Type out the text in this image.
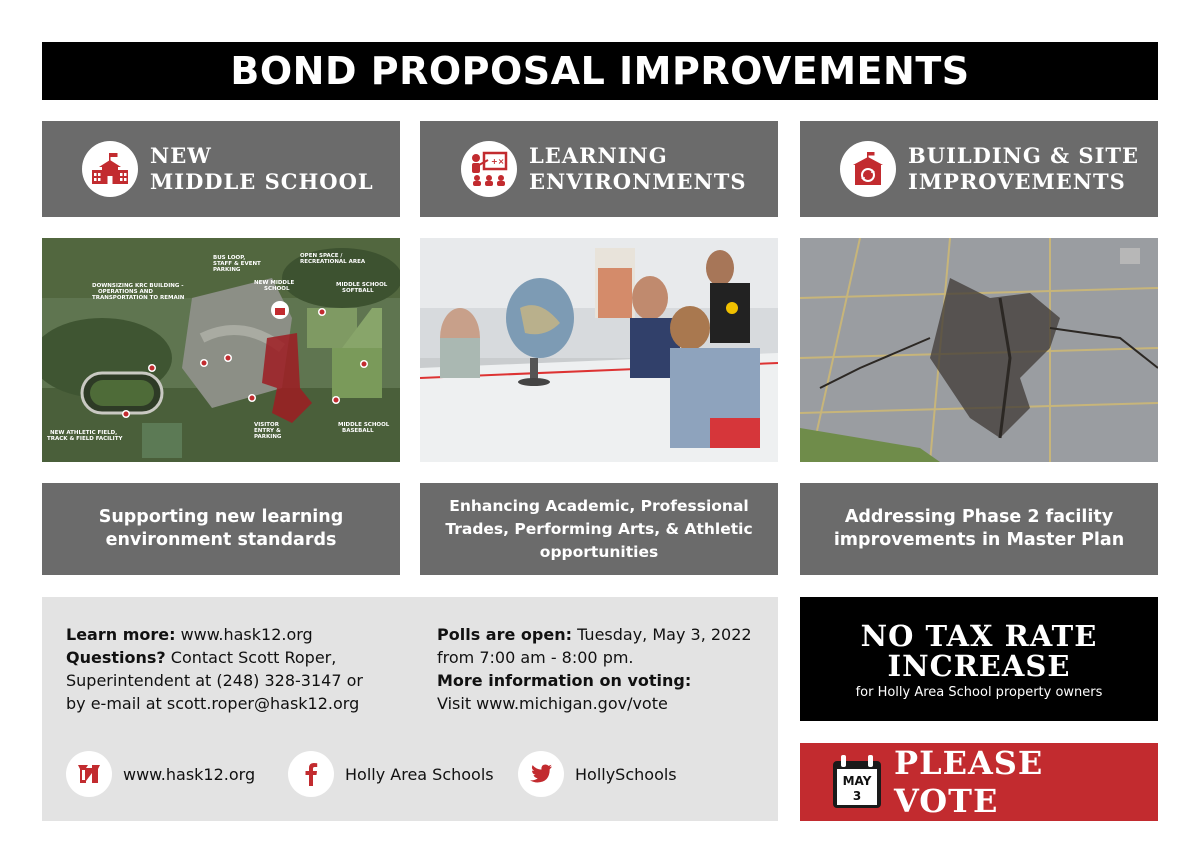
BOND PROPOSAL IMPROVEMENTS
NEW
MIDDLE SCHOOL
+× LEARNING
ENVIRONMENTS
BUILDING & SITE
IMPROVEMENTS
DOWNSIZING KRC BUILDING -
OPERATIONS AND
TRANSPORTATION TO REMAIN
BUS LOOP,
STAFF & EVENT
PARKING
OPEN SPACE /
RECREATIONAL AREA
NEW MIDDLE
SCHOOL
MIDDLE SCHOOL
SOFTBALL
NEW ATHLETIC FIELD,
TRACK & FIELD FACILITY
VISITOR
ENTRY &
PARKING
MIDDLE SCHOOL
BASEBALL
Supporting new learning
environment standards
Enhancing Academic, Professional
Trades, Performing Arts, & Athletic
opportunities
Addressing Phase 2 facility
improvements in Master Plan
Learn more: www.hask12.org
Questions? Contact Scott Roper,
Superintendent at (248) 328-3147 or
by e-mail at scott.roper@hask12.org
Polls are open: Tuesday, May 3, 2022
from 7:00 am - 8:00 pm.
More information on voting:
Visit www.michigan.gov/vote
www.hask12.org	Holly Area Schools	HollySchools
NO TAX RATE
INCREASE
for Holly Area School property owners
MAY
3
PLEASE VOTE
